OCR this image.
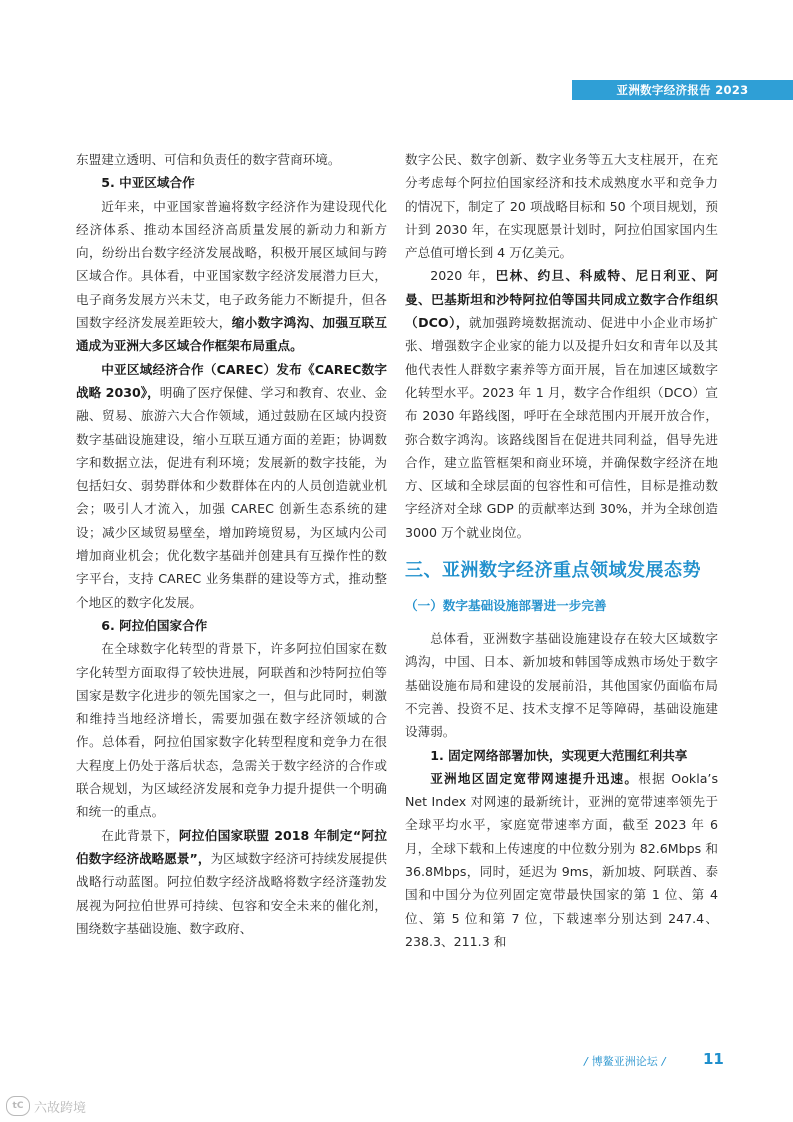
亚洲数字经济报告 2023

东盟建立透明、可信和负责任的数字营商环境。

5. 中亚区域合作

近年来，中亚国家普遍将数字经济作为建设现代化经济体系、推动本国经济高质量发展的新动力和新方向，纷纷出台数字经济发展战略，积极开展区域间与跨区域合作。具体看，中亚国家数字经济发展潜力巨大，电子商务发展方兴未艾，电子政务能力不断提升，但各国数字经济发展差距较大，缩小数字鸿沟、加强互联互通成为亚洲大多区域合作框架布局重点。

中亚区域经济合作（CAREC）发布《CAREC数字战略 2030》，明确了医疗保健、学习和教育、农业、金融、贸易、旅游六大合作领域，通过鼓励在区域内投资数字基础设施建设，缩小互联互通方面的差距；协调数字和数据立法，促进有利环境；发展新的数字技能，为包括妇女、弱势群体和少数群体在内的人员创造就业机会；吸引人才流入，加强 CAREC 创新生态系统的建设；减少区域贸易壁垒，增加跨境贸易，为区域内公司增加商业机会；优化数字基础并创建具有互操作性的数字平台，支持 CAREC 业务集群的建设等方式，推动整个地区的数字化发展。

6. 阿拉伯国家合作

在全球数字化转型的背景下，许多阿拉伯国家在数字化转型方面取得了较快进展，阿联酋和沙特阿拉伯等国家是数字化进步的领先国家之一，但与此同时，刺激和维持当地经济增长，需要加强在数字经济领域的合作。总体看，阿拉伯国家数字化转型程度和竞争力在很大程度上仍处于落后状态，急需关于数字经济的合作或联合规划，为区域经济发展和竞争力提升提供一个明确和统一的重点。

在此背景下，阿拉伯国家联盟 2018 年制定“阿拉伯数字经济战略愿景”，为区域数字经济可持续发展提供战略行动蓝图。阿拉伯数字经济战略将数字经济蓬勃发展视为阿拉伯世界可持续、包容和安全未来的催化剂，围绕数字基础设施、数字政府、

数字公民、数字创新、数字业务等五大支柱展开，在充分考虑每个阿拉伯国家经济和技术成熟度水平和竞争力的情况下，制定了 20 项战略目标和 50 个项目规划，预计到 2030 年，在实现愿景计划时，阿拉伯国家国内生产总值可增长到 4 万亿美元。

2020 年，巴林、约旦、科威特、尼日利亚、阿曼、巴基斯坦和沙特阿拉伯等国共同成立数字合作组织（DCO），就加强跨境数据流动、促进中小企业市场扩张、增强数字企业家的能力以及提升妇女和青年以及其他代表性人群数字素养等方面开展，旨在加速区域数字化转型水平。2023 年 1 月，数字合作组织（DCO）宣布 2030 年路线图，呼吁在全球范围内开展开放合作，弥合数字鸿沟。该路线图旨在促进共同利益，倡导先进合作，建立监管框架和商业环境，并确保数字经济在地方、区域和全球层面的包容性和可信性，目标是推动数字经济对全球 GDP 的贡献率达到 30%，并为全球创造 3000 万个就业岗位。

三、亚洲数字经济重点领域发展态势
（一）数字基础设施部署进一步完善

总体看，亚洲数字基础设施建设存在较大区域数字鸿沟，中国、日本、新加坡和韩国等成熟市场处于数字基础设施布局和建设的发展前沿，其他国家仍面临布局不完善、投资不足、技术支撑不足等障碍，基础设施建设薄弱。

1. 固定网络部署加快，实现更大范围红利共享

亚洲地区固定宽带网速提升迅速。根据 Ookla’s Net Index 对网速的最新统计，亚洲的宽带速率领先于全球平均水平，家庭宽带速率方面，截至 2023 年 6 月，全球下载和上传速度的中位数分别为 82.6Mbps 和 36.8Mbps，同时，延迟为 9ms，新加坡、阿联酋、泰国和中国分为位列固定宽带最快国家的第 1 位、第 4 位、第 5 位和第 7 位，下载速率分别达到 247.4、238.3、211.3 和

/ 博鳌亚洲论坛 /	11
tC 六故跨境
